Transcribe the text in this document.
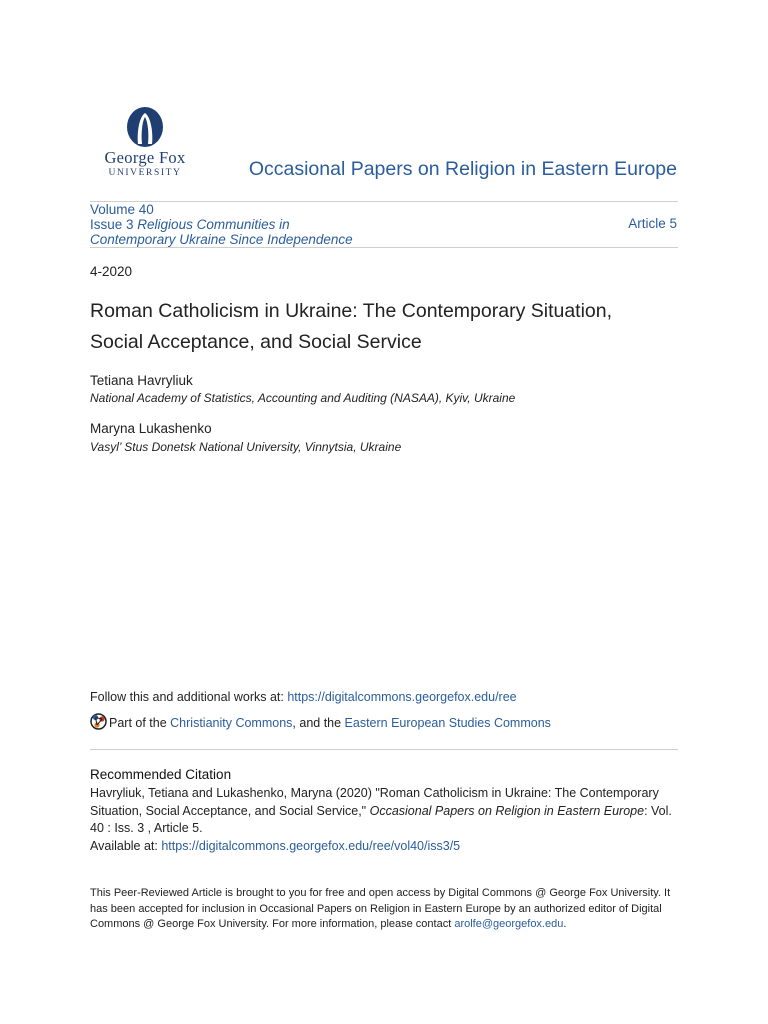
George Fox
UNIVERSITY	Occasional Papers on Religion in Eastern Europe
Volume 40
Issue 3 Religious Communities in
Contemporary Ukraine Since Independence
Article 5
4-2020
Roman Catholicism in Ukraine: The Contemporary Situation,
Social Acceptance, and Social Service
Tetiana Havryliuk
National Academy of Statistics, Accounting and Auditing (NASAA), Kyiv, Ukraine
Maryna Lukashenko
Vasyl’ Stus Donetsk National University, Vinnytsia, Ukraine
Follow this and additional works at: https://digitalcommons.georgefox.edu/ree
Part of the Christianity Commons, and the Eastern European Studies Commons
Recommended Citation
Havryliuk, Tetiana and Lukashenko, Maryna (2020) "Roman Catholicism in Ukraine: The Contemporary Situation, Social Acceptance, and Social Service," Occasional Papers on Religion in Eastern Europe: Vol. 40 : Iss. 3 , Article 5.
Available at: https://digitalcommons.georgefox.edu/ree/vol40/iss3/5
This Peer-Reviewed Article is brought to you for free and open access by Digital Commons @ George Fox University. It has been accepted for inclusion in Occasional Papers on Religion in Eastern Europe by an authorized editor of Digital Commons @ George Fox University. For more information, please contact arolfe@georgefox.edu.
